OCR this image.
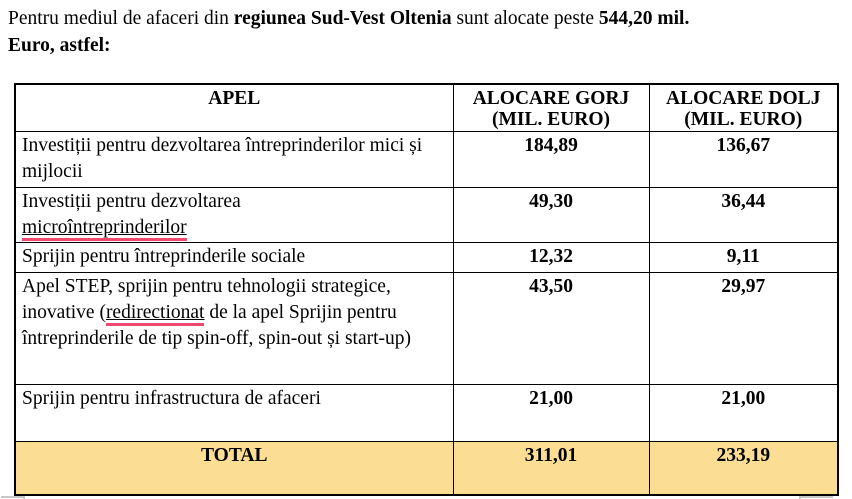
Pentru mediul de afaceri din regiunea Sud-Vest Oltenia sunt alocate peste 544,20 mil.
Euro, astfel:

APEL	ALOCARE GORJ (MIL. EURO)	ALOCARE DOLJ (MIL. EURO)
Investiții pentru dezvoltarea întreprinderilor mici și mijlocii	184,89	136,67
Investiții pentru dezvoltarea
microîntreprinderilor	49,30	36,44
Sprijin pentru întreprinderile sociale	12,32	9,11
Apel STEP, sprijin pentru tehnologii strategice, inovative (redirectionat de la apel Sprijin pentru întreprinderile de tip spin-off, spin-out și start-up)	43,50	29,97
Sprijin pentru infrastructura de afaceri	21,00	21,00
TOTAL	311,01	233,19
